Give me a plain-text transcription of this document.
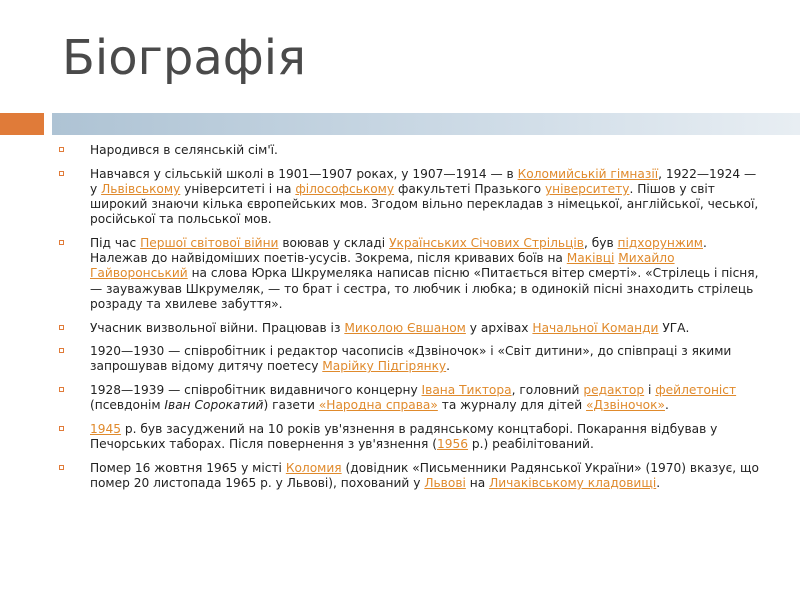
Біографія
Народився в селянській сім'ї.
Навчався у сільській школі в 1901—1907 роках, у 1907—1914 — в Коломийській гімназії, 1922—1924 — у Львівському університеті і на філософському факультеті Празького університету. Пішов у світ широкий знаючи кілька європейських мов. Згодом вільно перекладав з німецької, англійської, чеської, російської та польської мов.
Під час Першої світової війни воював у складі Українських Січових Стрільців, був підхорунжим. Належав до найвідоміших поетів-усусів. Зокрема, після кривавих боїв на Маківці Михайло Гайворонський на слова Юрка Шкрумеляка написав пісню «Питається вітер смерті». «Стрілець і пісня, — зауважував Шкрумеляк, — то брат і сестра, то любчик і любка; в одинокій пісні знаходить стрілець розраду та хвилеве забуття».
Учасник визвольної війни. Працював із Миколою Євшаном у архівах Начальної Команди УГА.
1920—1930 — співробітник і редактор часописів «Дзвіночок» і «Світ дитини», до співпраці з якими запрошував відому дитячу поетесу Марійку Підгірянку.
1928—1939 — співробітник видавничого концерну Івана Тиктора, головний редактор і фейлетоніст (псевдонім Іван Сорокатий) газети «Народна справа» та журналу для дітей «Дзвіночок».
1945 р. був засуджений на 10 років ув'язнення в радянському концтаборі. Покарання відбував у Печорських таборах. Після повернення з ув'язнення (1956 р.) реабілітований.
Помер 16 жовтня 1965 у місті Коломия (довідник «Письменники Радянської України» (1970) вказує, що помер 20 листопада 1965 р. у Львові), похований у Львові на Личаківському кладовищі.
